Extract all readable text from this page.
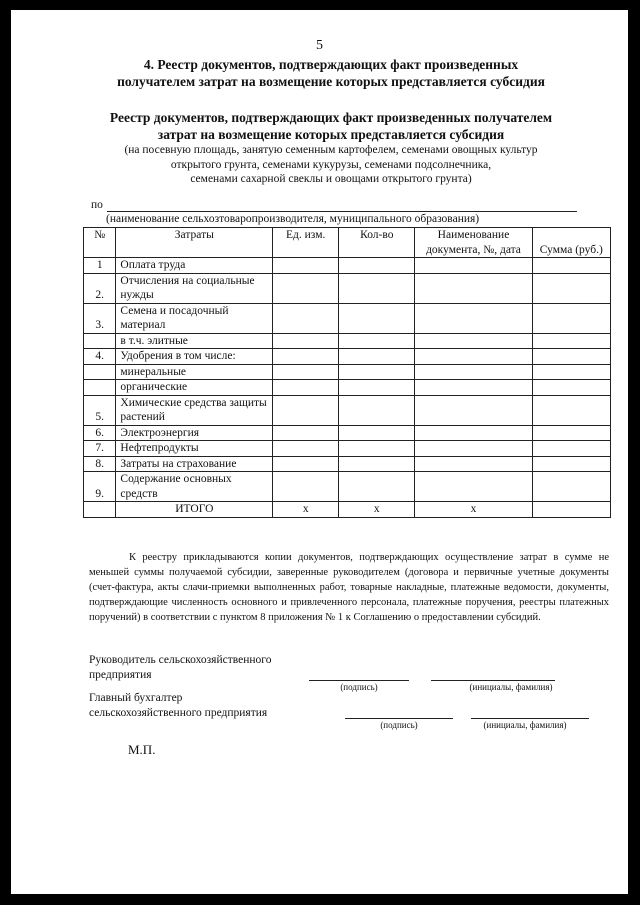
5
4. Реестр документов, подтверждающих факт произведенных
получателем затрат на возмещение которых представляется субсидия
Реестр документов, подтверждающих факт произведенных получателем
затрат на возмещение которых представляется субсидия
(на посевную площадь, занятую семенным картофелем, семенами овощных культур
открытого грунта, семенами кукурузы, семенами подсолнечника,
семенами сахарной свеклы и овощами открытого грунта)
по
(наименование сельхозтоваропроизводителя, муниципального образования)
№	Затраты	Ед. изм.	Кол-во	Наименование документа, №, дата	Сумма (руб.)
1	Оплата труда				
2.	Отчисления на социальные нужды				
3.	Семена и посадочный материал				
	в т.ч. элитные				
4.	Удобрения в том числе:				
	минеральные				
	органические				
5.	Химические средства защиты растений				
6.	Электроэнергия				
7.	Нефтепродукты				
8.	Затраты на страхование				
9.	Содержание основных средств				
	ИТОГО	х	х	х	
К реестру прикладываются копии документов, подтверждающих осуществление затрат в сумме не меньшей суммы получаемой субсидии, заверенные руководителем (договора и первичные учетные документы (счет-фактура, акты слачи-приемки выполненных работ, товарные накладные, платежные ведомости, документы, подтверждающие численность основного и привлеченного персонала, платежные поручения, реестры платежных поручений) в соответствии с пунктом 8 приложения № 1 к Соглашению о предоставлении субсидий.
Руководитель сельскохозяйственного
предприятия
(подпись)	(инициалы, фамилия)
Главный бухгалтер
сельскохозяйственного предприятия
(подпись)	(инициалы, фамилия)
М.П.
